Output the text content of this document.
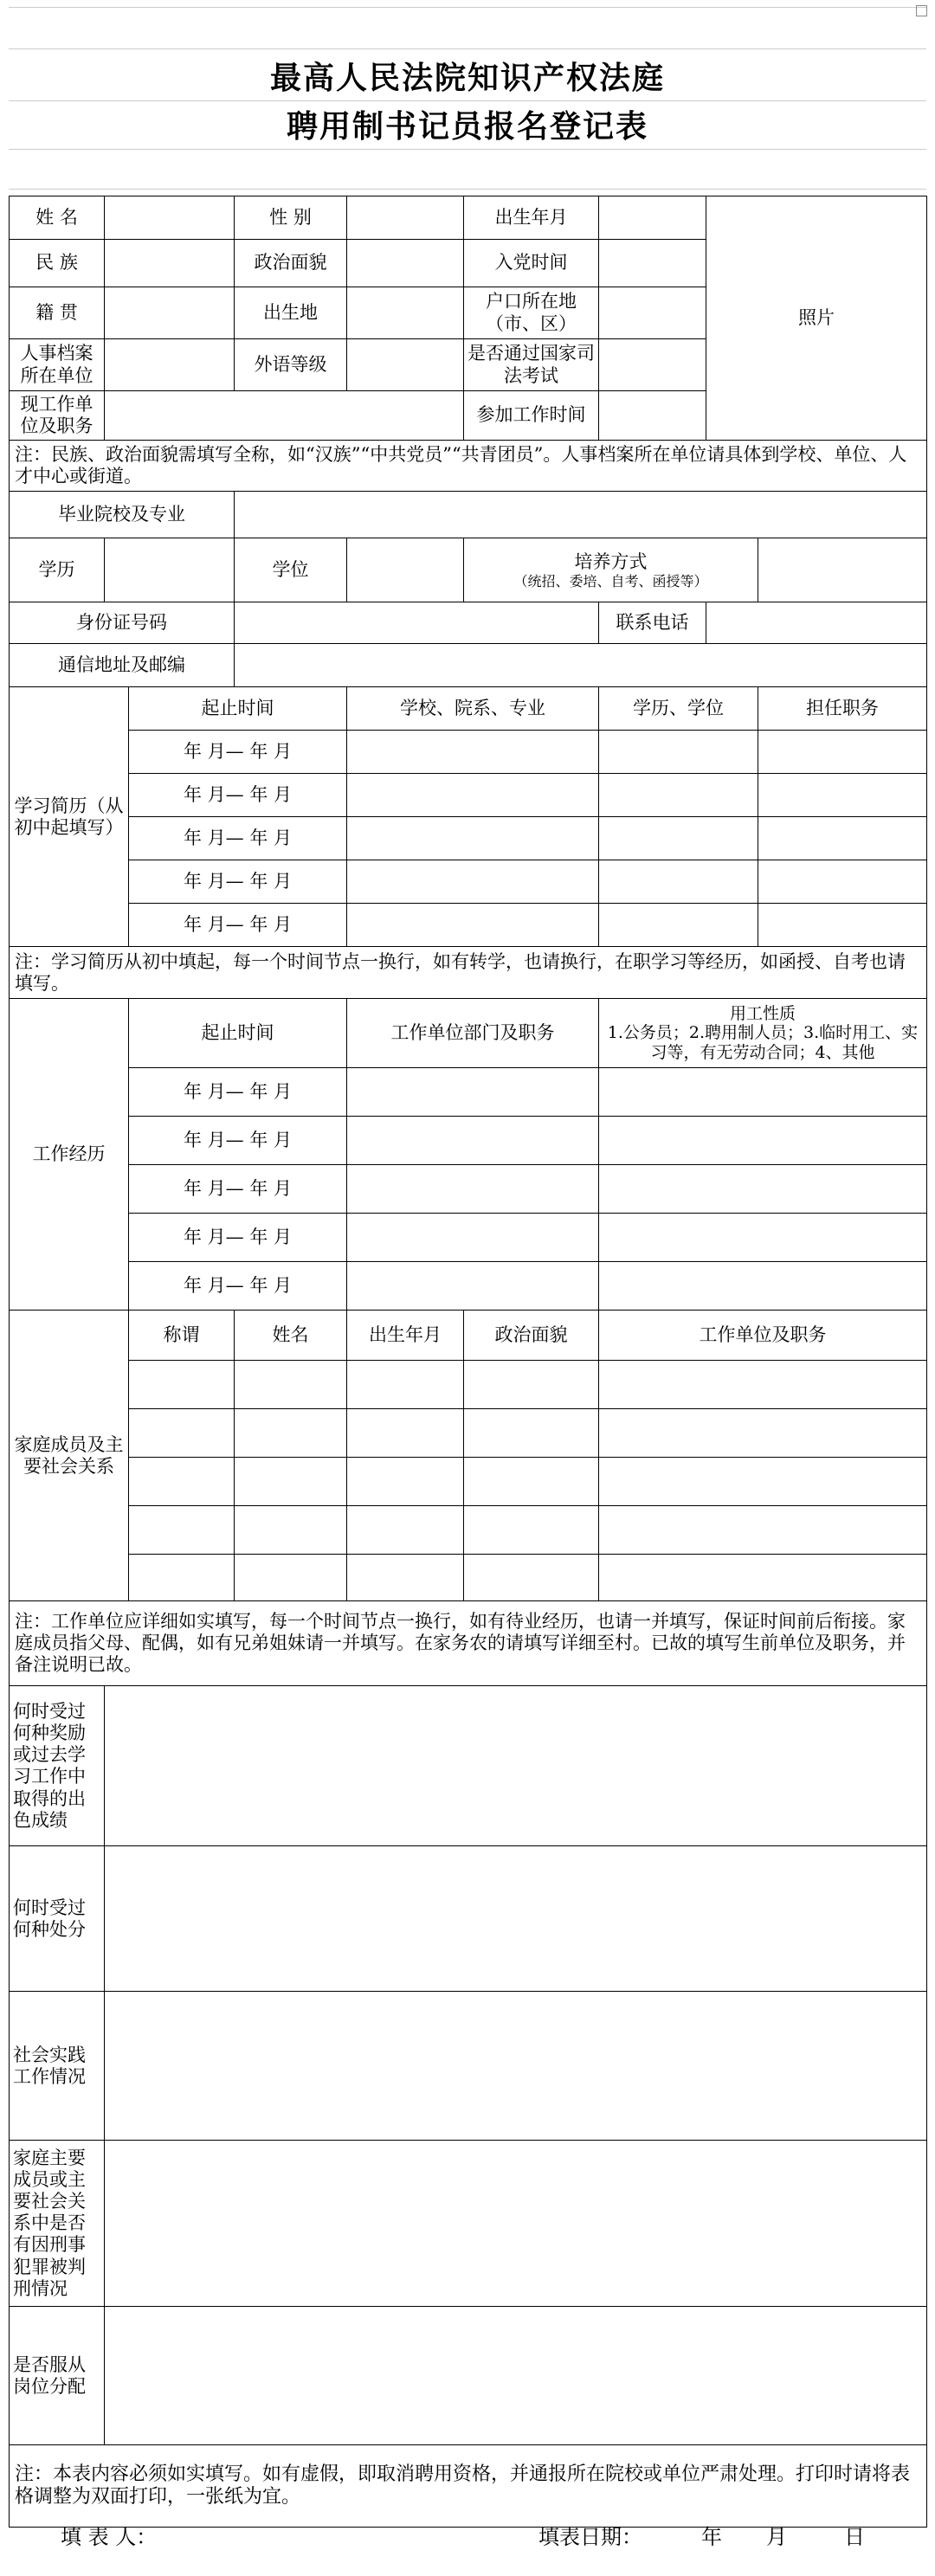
最高人民法院知识产权法庭
聘用制书记员报名登记表
姓 名			性 别		出生年月		照片	
民 族			政治面貌		入党时间			
籍 贯			出生地		户口所在地（市、区）			
人事档案所在单位			外语等级		是否通过国家司法考试			
现工作单位及职务					参加工作时间			
注：民族、政治面貌需填写全称，如“汉族”“中共党员”“共青团员”。人事档案所在单位请具体到学校、单位、人才中心或街道。								
毕业院校及专业								
学历			学位		培养方式
（统招、委培、自考、函授等）			

身份证号码						联系电话		
通信地址及邮编								
学习简历（从初中起填写）		起止时间		学校、院系、专业		学历、学位		担任职务
		年 月— 年 月						
		年 月— 年 月						
		年 月— 年 月						
		年 月— 年 月						
		年 月— 年 月						
注：学习简历从初中填起，每一个时间节点一换行，如有转学，也请换行，在职学习等经历，如函授、自考也请填写。								
工作经历		起止时间		工作单位部门及职务		用工性质
1.公务员；2.聘用制人员；3.临时用工、实习等，有无劳动合同；4、其他		
		年 月— 年 月						
		年 月— 年 月						
		年 月— 年 月						
		年 月— 年 月						
		年 月— 年 月						
家庭成员及主要社会关系		称谓	姓名	出生年月	政治面貌	工作单位及职务		

注：工作单位应详细如实填写，每一个时间节点一换行，如有待业经历，也请一并填写，保证时间前后衔接。家庭成员指父母、配偶，如有兄弟姐妹请一并填写。在家务农的请填写详细至村。已故的填写生前单位及职务，并备注说明已故。								
何时受过何种奖励或过去学习工作中取得的出色成绩								
何时受过何种处分								
社会实践工作情况								
家庭主要成员或主要社会关系中是否有因刑事犯罪被判刑情况								
是否服从岗位分配								
注：本表内容必须如实填写。如有虚假，即取消聘用资格，并通报所在院校或单位严肃处理。打印时请将表格调整为双面打印，一张纸为宜。								
填 表 人：	填表日期：	年 月	日
